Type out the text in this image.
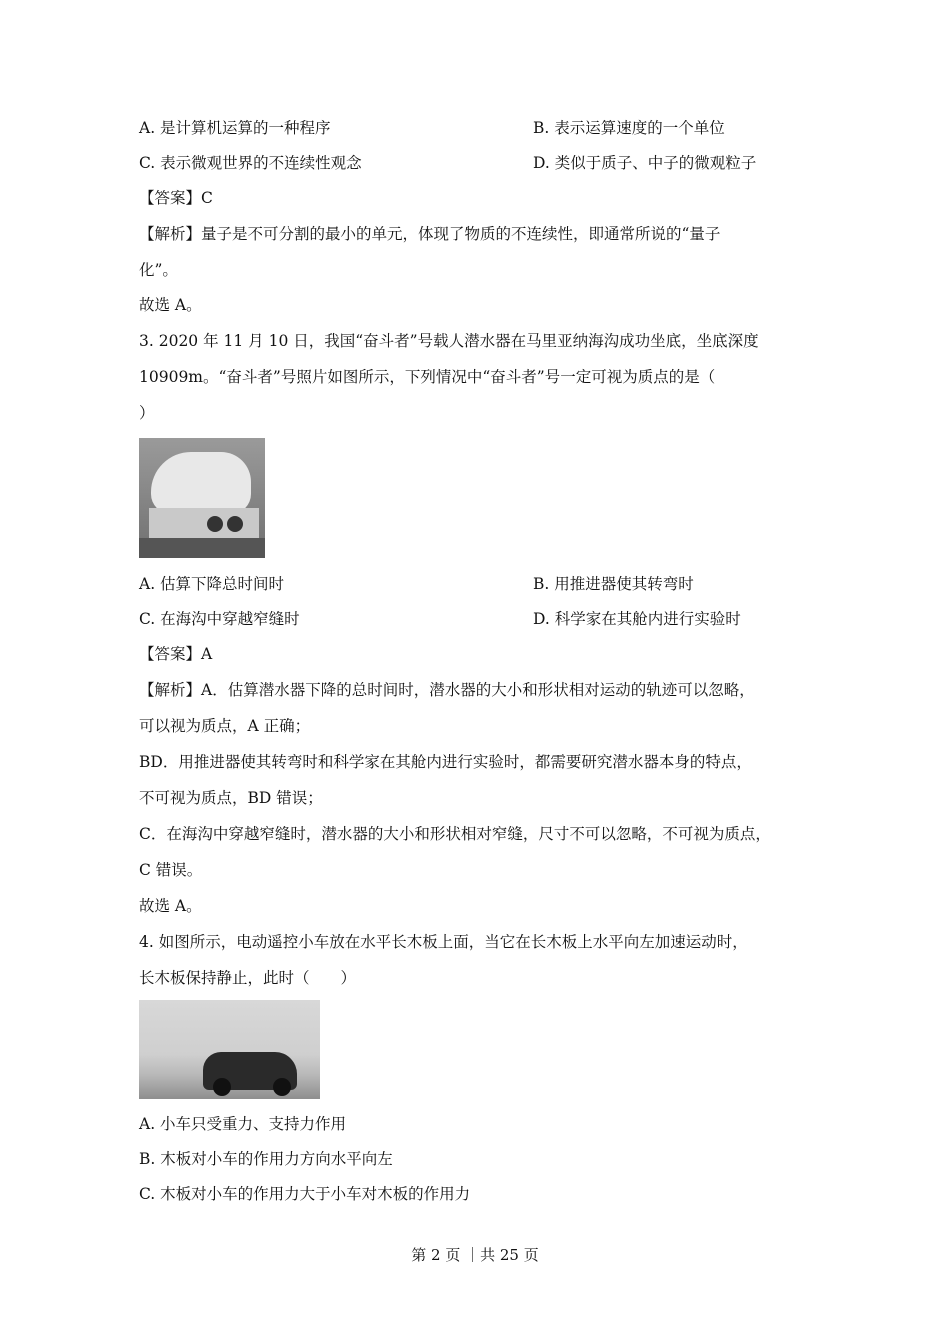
A. 是计算机运算的一种程序	B. 表示运算速度的一个单位
C. 表示微观世界的不连续性观念	D. 类似于质子、中子的微观粒子
【答案】C
【解析】量子是不可分割的最小的单元，体现了物质的不连续性，即通常所说的“量子
化”。
故选 A。
3. 2020 年 11 月 10 日，我国“奋斗者”号载人潜水器在马里亚纳海沟成功坐底，坐底深度
10909m。“奋斗者”号照片如图所示，下列情况中“奋斗者”号一定可视为质点的是（
）
A. 估算下降总时间时	B. 用推进器使其转弯时
C. 在海沟中穿越窄缝时	D. 科学家在其舱内进行实验时
【答案】A
【解析】A．估算潜水器下降的总时间时，潜水器的大小和形状相对运动的轨迹可以忽略，
可以视为质点，A 正确；
BD．用推进器使其转弯时和科学家在其舱内进行实验时，都需要研究潜水器本身的特点，
不可视为质点，BD 错误；
C．在海沟中穿越窄缝时，潜水器的大小和形状相对窄缝，尺寸不可以忽略，不可视为质点，
C 错误。
故选 A。
4. 如图所示，电动遥控小车放在水平长木板上面，当它在长木板上水平向左加速运动时，
长木板保持静止，此时（　　）
A. 小车只受重力、支持力作用
B. 木板对小车的作用力方向水平向左
C. 木板对小车的作用力大于小车对木板的作用力
第 2 页 ｜共 25 页
